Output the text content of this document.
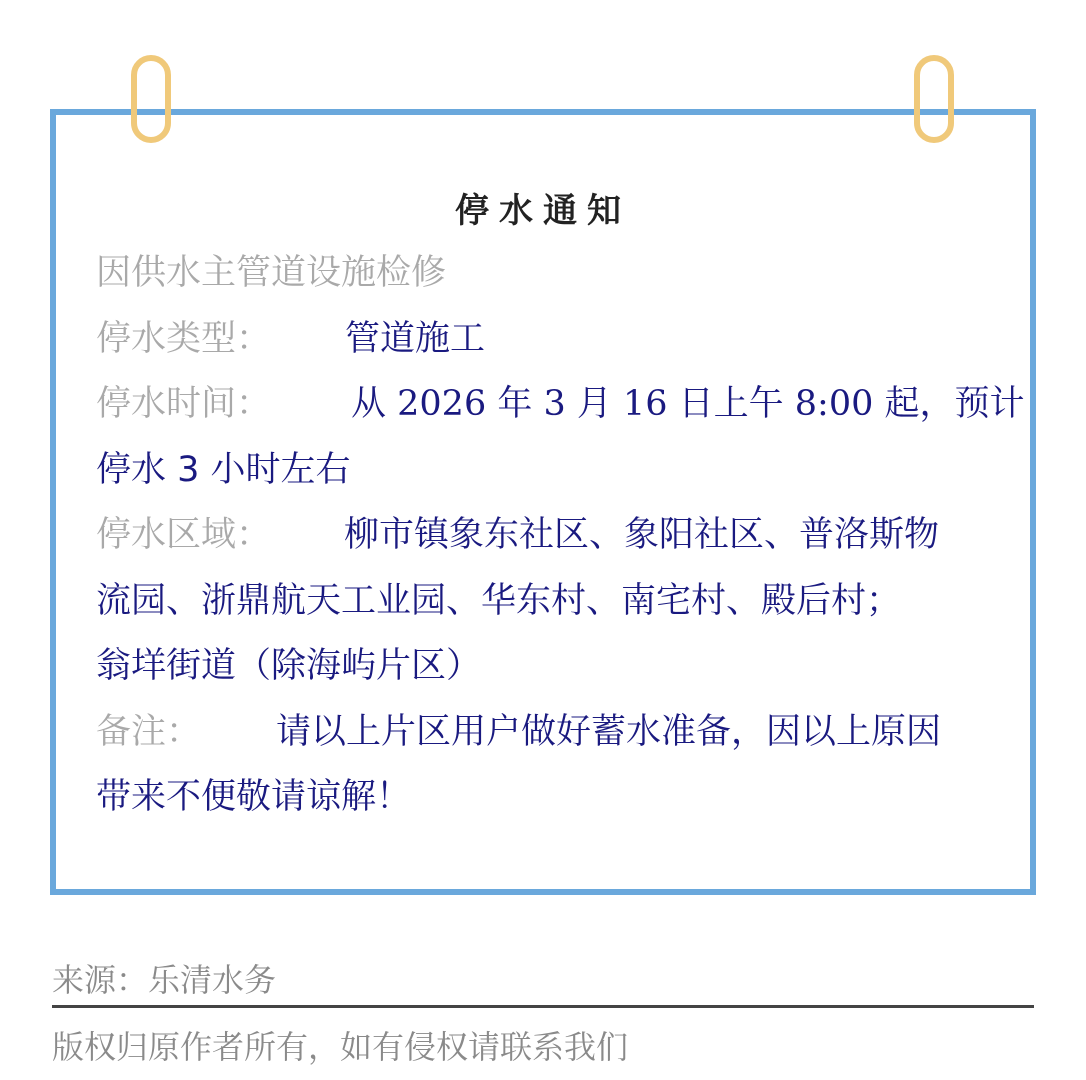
停水通知
因供水主管道设施检修
停水类型： 管道施工
停水时间： 从 2026 年 3 月 16 日上午 8:00 起，预计
停水 3 小时左右
停水区域： 柳市镇象东社区、象阳社区、普洛斯物
流园、浙鼎航天工业园、华东村、南宅村、殿后村；
翁垟街道（除海屿片区）
备注： 请以上片区用户做好蓄水准备，因以上原因
带来不便敬请谅解！
来源：乐清水务
版权归原作者所有，如有侵权请联系我们
